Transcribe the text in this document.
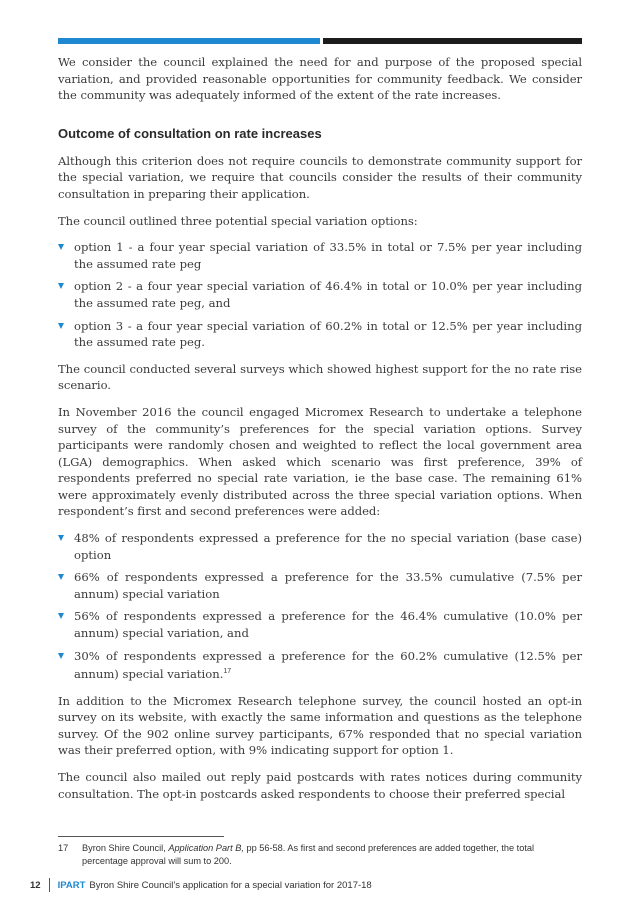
We consider the council explained the need for and purpose of the proposed special variation, and provided reasonable opportunities for community feedback. We consider the community was adequately informed of the extent of the rate increases.

Outcome of consultation on rate increases

Although this criterion does not require councils to demonstrate community support for the special variation, we require that councils consider the results of their community consultation in preparing their application.

The council outlined three potential special variation options:

option 1 - a four year special variation of 33.5% in total or 7.5% per year including the assumed rate peg
option 2 - a four year special variation of 46.4% in total or 10.0% per year including the assumed rate peg, and
option 3 - a four year special variation of 60.2% in total or 12.5% per year including the assumed rate peg.

The council conducted several surveys which showed highest support for the no rate rise scenario.

In November 2016 the council engaged Micromex Research to undertake a telephone survey of the community’s preferences for the special variation options. Survey participants were randomly chosen and weighted to reflect the local government area (LGA) demographics. When asked which scenario was first preference, 39% of respondents preferred no special rate variation, ie the base case. The remaining 61% were approximately evenly distributed across the three special variation options. When respondent’s first and second preferences were added:

48% of respondents expressed a preference for the no special variation (base case) option
66% of respondents expressed a preference for the 33.5% cumulative (7.5% per annum) special variation
56% of respondents expressed a preference for the 46.4% cumulative (10.0% per annum) special variation, and
30% of respondents expressed a preference for the 60.2% cumulative (12.5% per annum) special variation.$^{17}$

In addition to the Micromex Research telephone survey, the council hosted an opt-in survey on its website, with exactly the same information and questions as the telephone survey. Of the 902 online survey participants, 67% responded that no special variation was their preferred option, with 9% indicating support for option 1.

The council also mailed out reply paid postcards with rates notices during community consultation. The opt-in postcards asked respondents to choose their preferred special

17 Byron Shire Council, Application Part B, pp 56-58. As first and second preferences are added together, the total percentage approval will sum to 200.
12 IPART Byron Shire Council’s application for a special variation for 2017-18
